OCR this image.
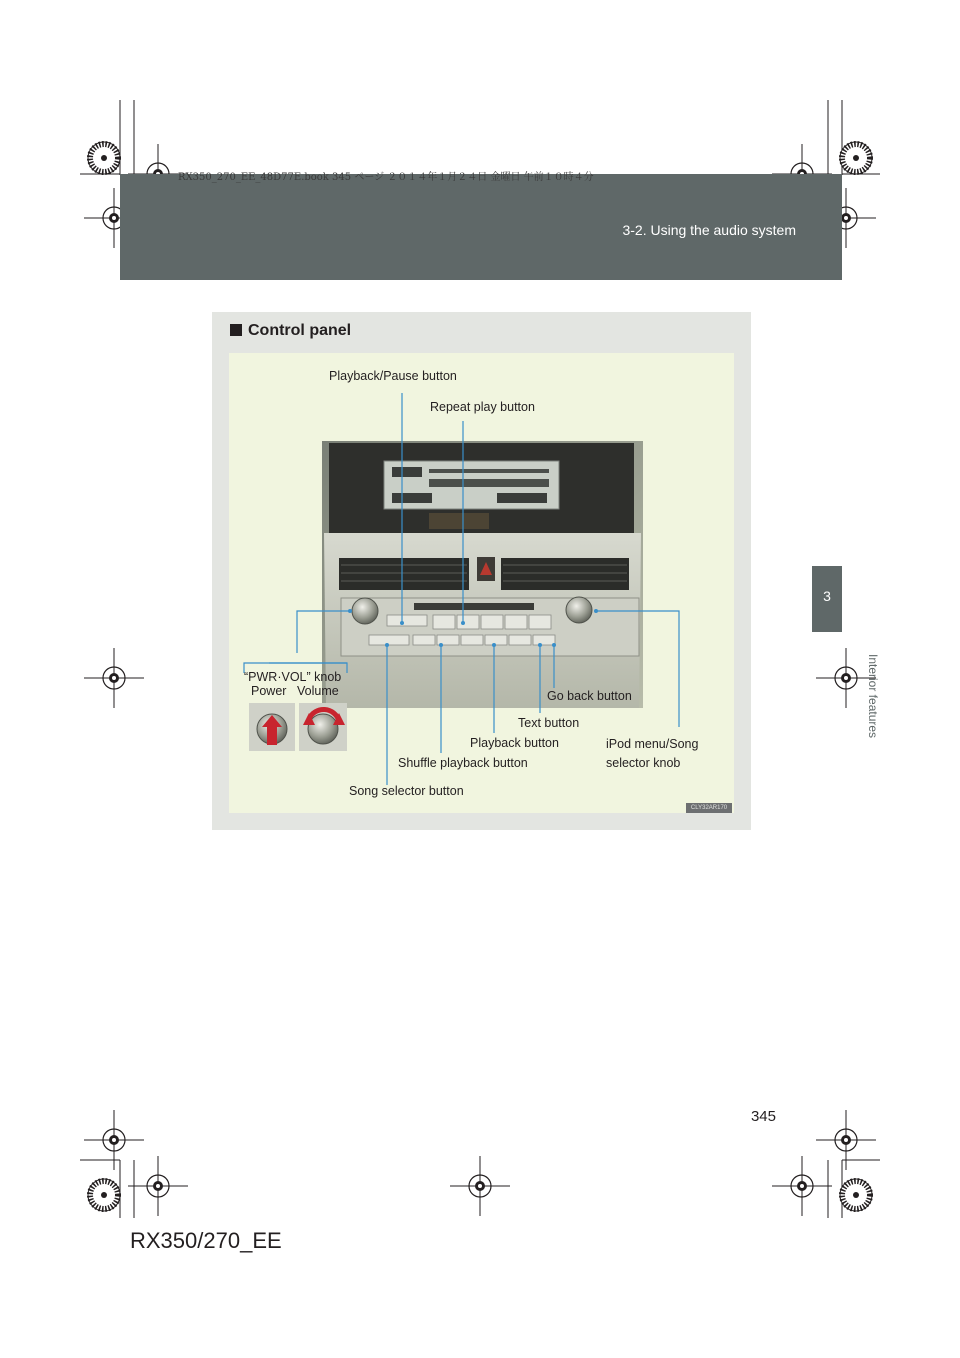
RX350_270_EE_48D77E.book 345 ページ ２０１４年１月２４日 金曜日 午前１０時４分
3-2. Using the audio system
3
Interior features
Control panel
Playback/Pause button
Repeat play button
“PWR·VOL” knob
Power Volume	Go back button
Text button
Playback button	iPod menu/Song
selector knob
Shuffle playback button
Song selector button
CLY32AR170
345
RX350/270_EE
